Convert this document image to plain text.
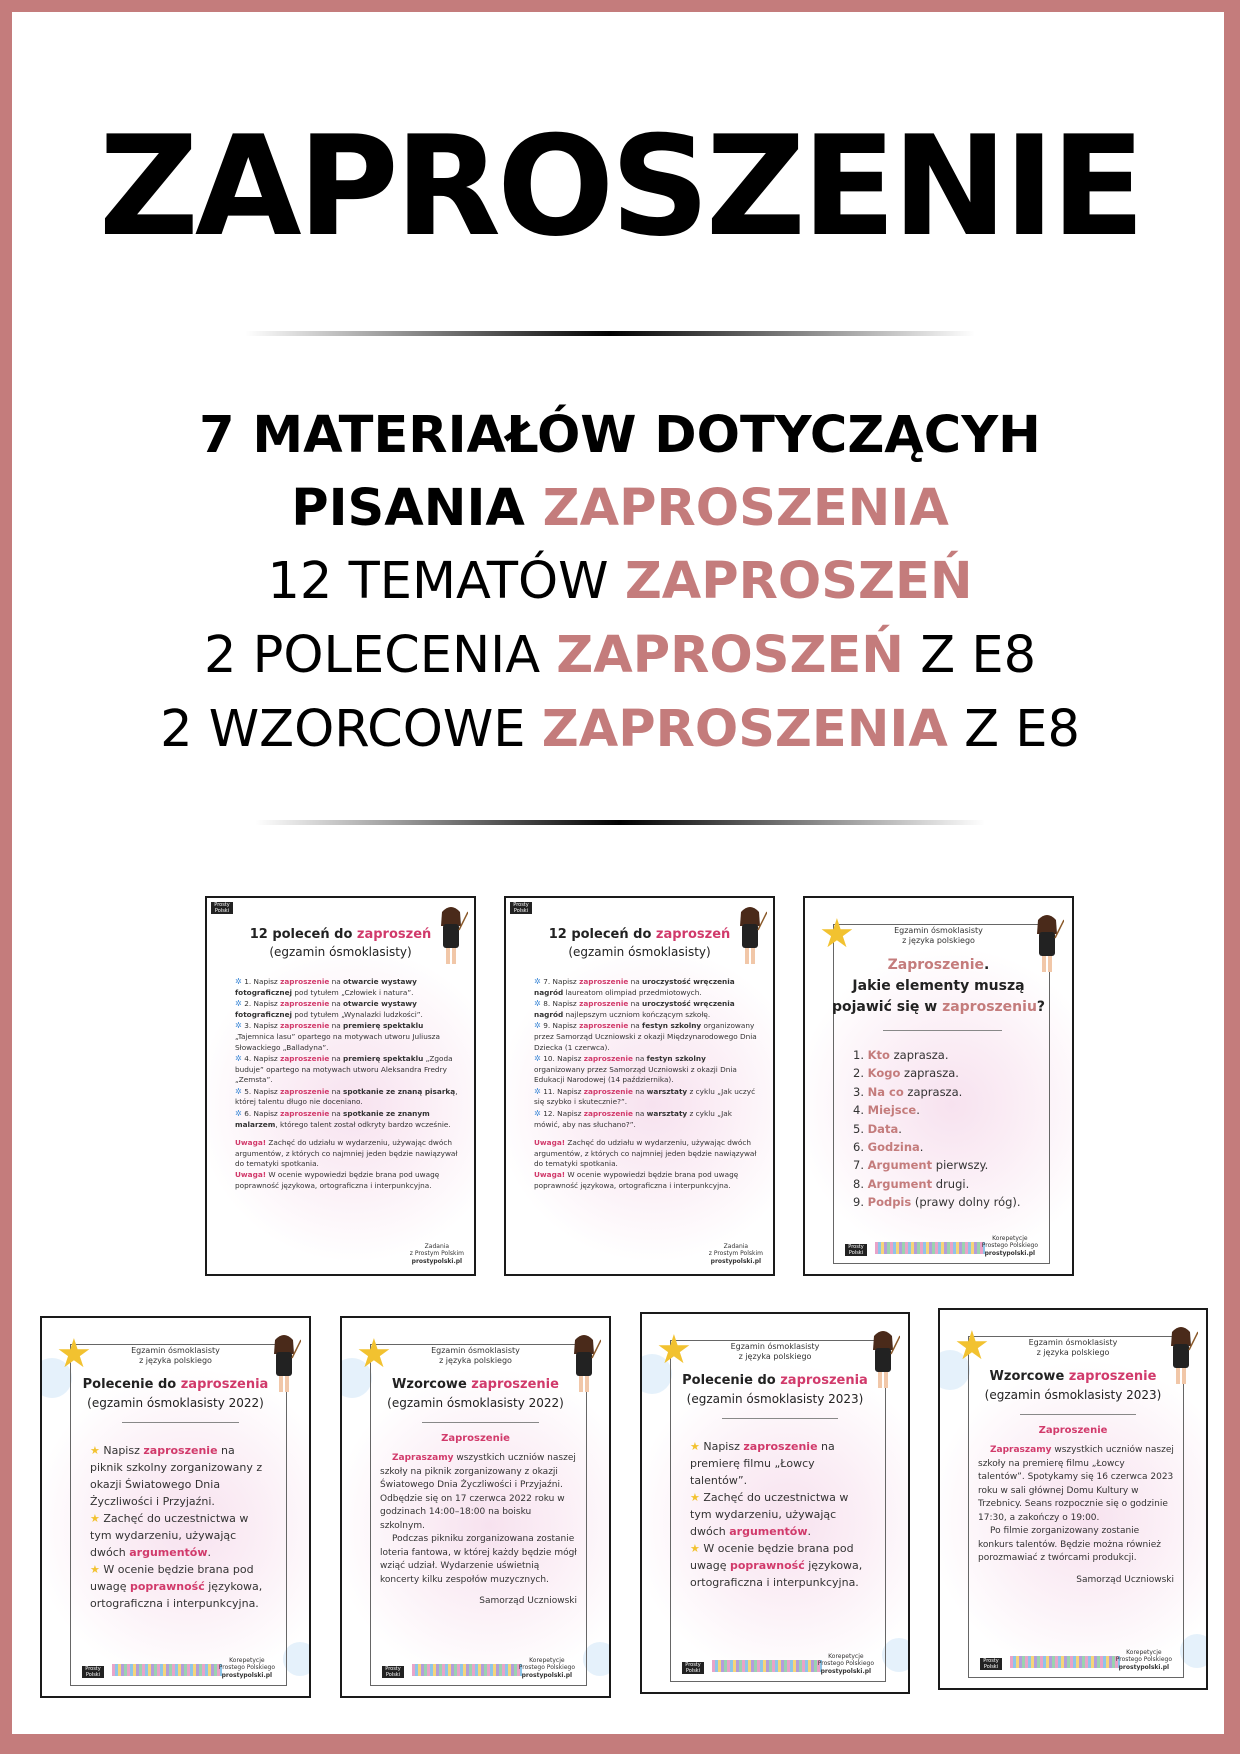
ZAPROSZENIE
7 MATERIAŁÓW DOTYCZĄCYH
PISANIA ZAPROSZENIA
12 TEMATÓW ZAPROSZEŃ
2 POLECENIA ZAPROSZEŃ Z E8
2 WZORCOWE ZAPROSZENIA Z E8
Prosty Polski
12 poleceń do zaproszeń
(egzamin ósmoklasisty)
✲ 1. Napisz zaproszenie na otwarcie wystawy fotograficznej pod tytułem „Człowiek i natura”.
✲ 2. Napisz zaproszenie na otwarcie wystawy fotograficznej pod tytułem „Wynalazki ludzkości”.
✲ 3. Napisz zaproszenie na premierę spektaklu „Tajemnica lasu” opartego na motywach utworu Juliusza Słowackiego „Balladyna”.
✲ 4. Napisz zaproszenie na premierę spektaklu „Zgoda buduje” opartego na motywach utworu Aleksandra Fredry „Zemsta”.
✲ 5. Napisz zaproszenie na spotkanie ze znaną pisarką, której talentu długo nie doceniano.
✲ 6. Napisz zaproszenie na spotkanie ze znanym malarzem, którego talent został odkryty bardzo wcześnie.
Uwaga! Zachęć do udziału w wydarzeniu, używając dwóch argumentów, z których co najmniej jeden będzie nawiązywał do tematyki spotkania.
Uwaga! W ocenie wypowiedzi będzie brana pod uwagę poprawność językowa, ortograficzna i interpunkcyjna.
Zadania
z Prostym Polskim
prostypolski.pl
Prosty Polski
12 poleceń do zaproszeń
(egzamin ósmoklasisty)
✲ 7. Napisz zaproszenie na uroczystość wręczenia nagród laureatom olimpiad przedmiotowych.
✲ 8. Napisz zaproszenie na uroczystość wręczenia nagród najlepszym uczniom kończącym szkołę.
✲ 9. Napisz zaproszenie na festyn szkolny organizowany przez Samorząd Uczniowski z okazji Międzynarodowego Dnia Dziecka (1 czerwca).
✲ 10. Napisz zaproszenie na festyn szkolny organizowany przez Samorząd Uczniowski z okazji Dnia Edukacji Narodowej (14 października).
✲ 11. Napisz zaproszenie na warsztaty z cyklu „Jak uczyć się szybko i skutecznie?”.
✲ 12. Napisz zaproszenie na warsztaty z cyklu „Jak mówić, aby nas słuchano?”.
Uwaga! Zachęć do udziału w wydarzeniu, używając dwóch argumentów, z których co najmniej jeden będzie nawiązywał do tematyki spotkania.
Uwaga! W ocenie wypowiedzi będzie brana pod uwagę poprawność językowa, ortograficzna i interpunkcyjna.
Zadania
z Prostym Polskim
prostypolski.pl
★	Egzamin ósmoklasisty
z języka polskiego
Zaproszenie.
Jakie elementy muszą
pojawić się w zaproszeniu?
1. Kto zaprasza.
2. Kogo zaprasza.
3. Na co zaprasza.
4. Miejsce.
5. Data.
6. Godzina.
7. Argument pierwszy.
8. Argument drugi.
9. Podpis (prawy dolny róg).
Prosty Polski
Korepetycje
Prostego Polskiego
prostypolski.pl
★	Egzamin ósmoklasisty
z języka polskiego
Polecenie do zaproszenia
(egzamin ósmoklasisty 2022)
★ Napisz zaproszenie na piknik szkolny zorganizowany z okazji Światowego Dnia Życzliwości i Przyjaźni.
★ Zachęć do uczestnictwa w tym wydarzeniu, używając dwóch argumentów.
★ W ocenie będzie brana pod uwagę poprawność językowa, ortograficzna i interpunkcyjna.
Prosty Polski
Korepetycje
Prostego Polskiego
prostypolski.pl
★	Egzamin ósmoklasisty
z języka polskiego
Wzorcowe zaproszenie
(egzamin ósmoklasisty 2022)
Zaproszenie
Zapraszamy wszystkich uczniów naszej szkoły na piknik zorganizowany z okazji Światowego Dnia Życzliwości i Przyjaźni. Odbędzie się on 17 czerwca 2022 roku w godzinach 14:00–18:00 na boisku szkolnym.
Podczas pikniku zorganizowana zostanie loteria fantowa, w której każdy będzie mógł wziąć udział. Wydarzenie uświetnią koncerty kilku zespołów muzycznych.
Samorząd Uczniowski
Prosty Polski
Korepetycje
Prostego Polskiego
prostypolski.pl
★	Egzamin ósmoklasisty
z języka polskiego
Polecenie do zaproszenia
(egzamin ósmoklasisty 2023)
★ Napisz zaproszenie na premierę filmu „Łowcy talentów”.
★ Zachęć do uczestnictwa w tym wydarzeniu, używając dwóch argumentów.
★ W ocenie będzie brana pod uwagę poprawność językowa, ortograficzna i interpunkcyjna.
Prosty Polski
Korepetycje
Prostego Polskiego
prostypolski.pl
★	Egzamin ósmoklasisty
z języka polskiego
Wzorcowe zaproszenie
(egzamin ósmoklasisty 2023)
Zaproszenie
Zapraszamy wszystkich uczniów naszej szkoły na premierę filmu „Łowcy talentów”. Spotykamy się 16 czerwca 2023 roku w sali głównej Domu Kultury w Trzebnicy. Seans rozpocznie się o godzinie 17:30, a zakończy o 19:00.
Po filmie zorganizowany zostanie konkurs talentów. Będzie można również porozmawiać z twórcami produkcji.
Samorząd Uczniowski
Prosty Polski
Korepetycje
Prostego Polskiego
prostypolski.pl
